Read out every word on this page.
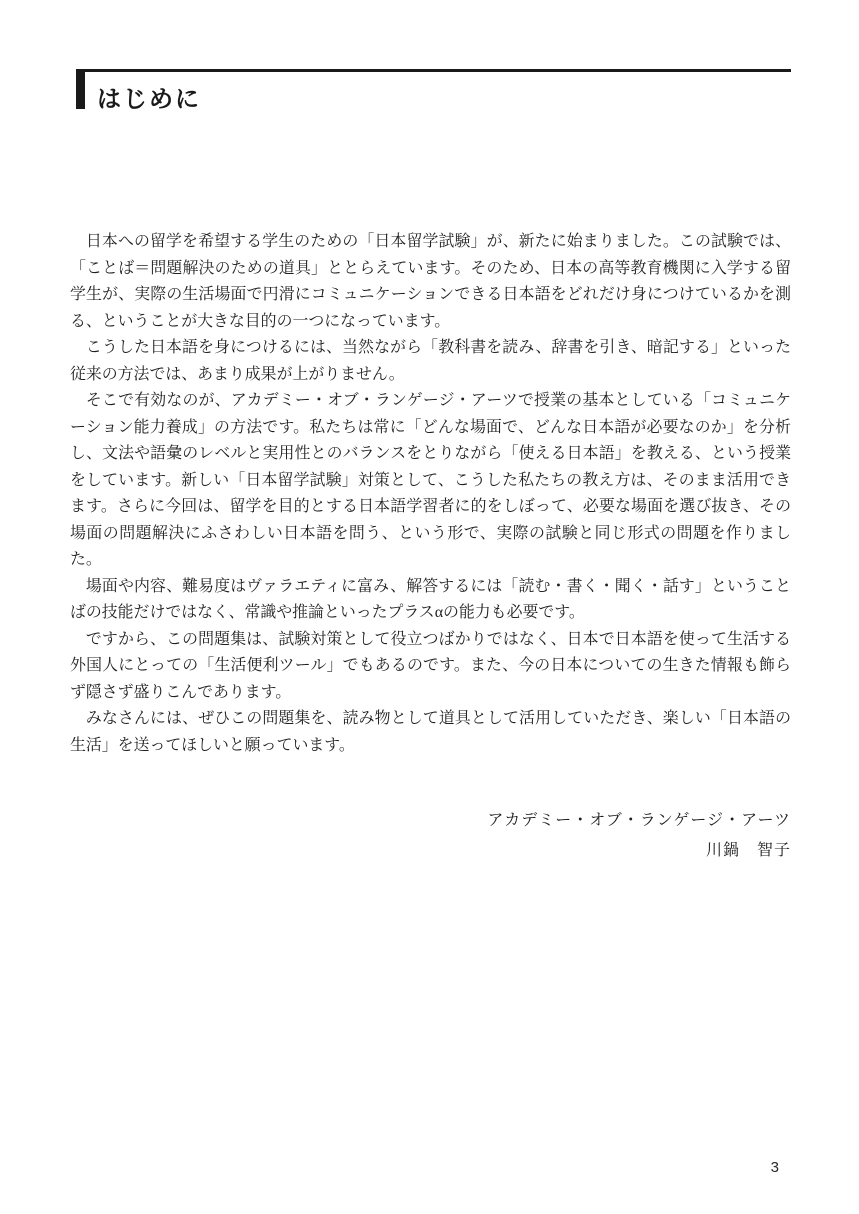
はじめに

日本への留学を希望する学生のための「日本留学試験」が、新たに始まりました。この試験では、「ことば＝問題解決のための道具」ととらえています。そのため、日本の高等教育機関に入学する留学生が、実際の生活場面で円滑にコミュニケーションできる日本語をどれだけ身につけているかを測る、ということが大きな目的の一つになっています。

こうした日本語を身につけるには、当然ながら「教科書を読み、辞書を引き、暗記する」といった従来の方法では、あまり成果が上がりません。

そこで有効なのが、アカデミー・オブ・ランゲージ・アーツで授業の基本としている「コミュニケーション能力養成」の方法です。私たちは常に「どんな場面で、どんな日本語が必要なのか」を分析し、文法や語彙のレベルと実用性とのバランスをとりながら「使える日本語」を教える、という授業をしています。新しい「日本留学試験」対策として、こうした私たちの教え方は、そのまま活用できます。さらに今回は、留学を目的とする日本語学習者に的をしぼって、必要な場面を選び抜き、その場面の問題解決にふさわしい日本語を問う、という形で、実際の試験と同じ形式の問題を作りました。

場面や内容、難易度はヴァラエティに富み、解答するには「読む・書く・聞く・話す」ということばの技能だけではなく、常識や推論といったプラスαの能力も必要です。

ですから、この問題集は、試験対策として役立つばかりではなく、日本で日本語を使って生活する外国人にとっての「生活便利ツール」でもあるのです。また、今の日本についての生きた情報も飾らず隠さず盛りこんであります。

みなさんには、ぜひこの問題集を、読み物として道具として活用していただき、楽しい「日本語の生活」を送ってほしいと願っています。

アカデミー・オブ・ランゲージ・アーツ
川鍋　智子
3
